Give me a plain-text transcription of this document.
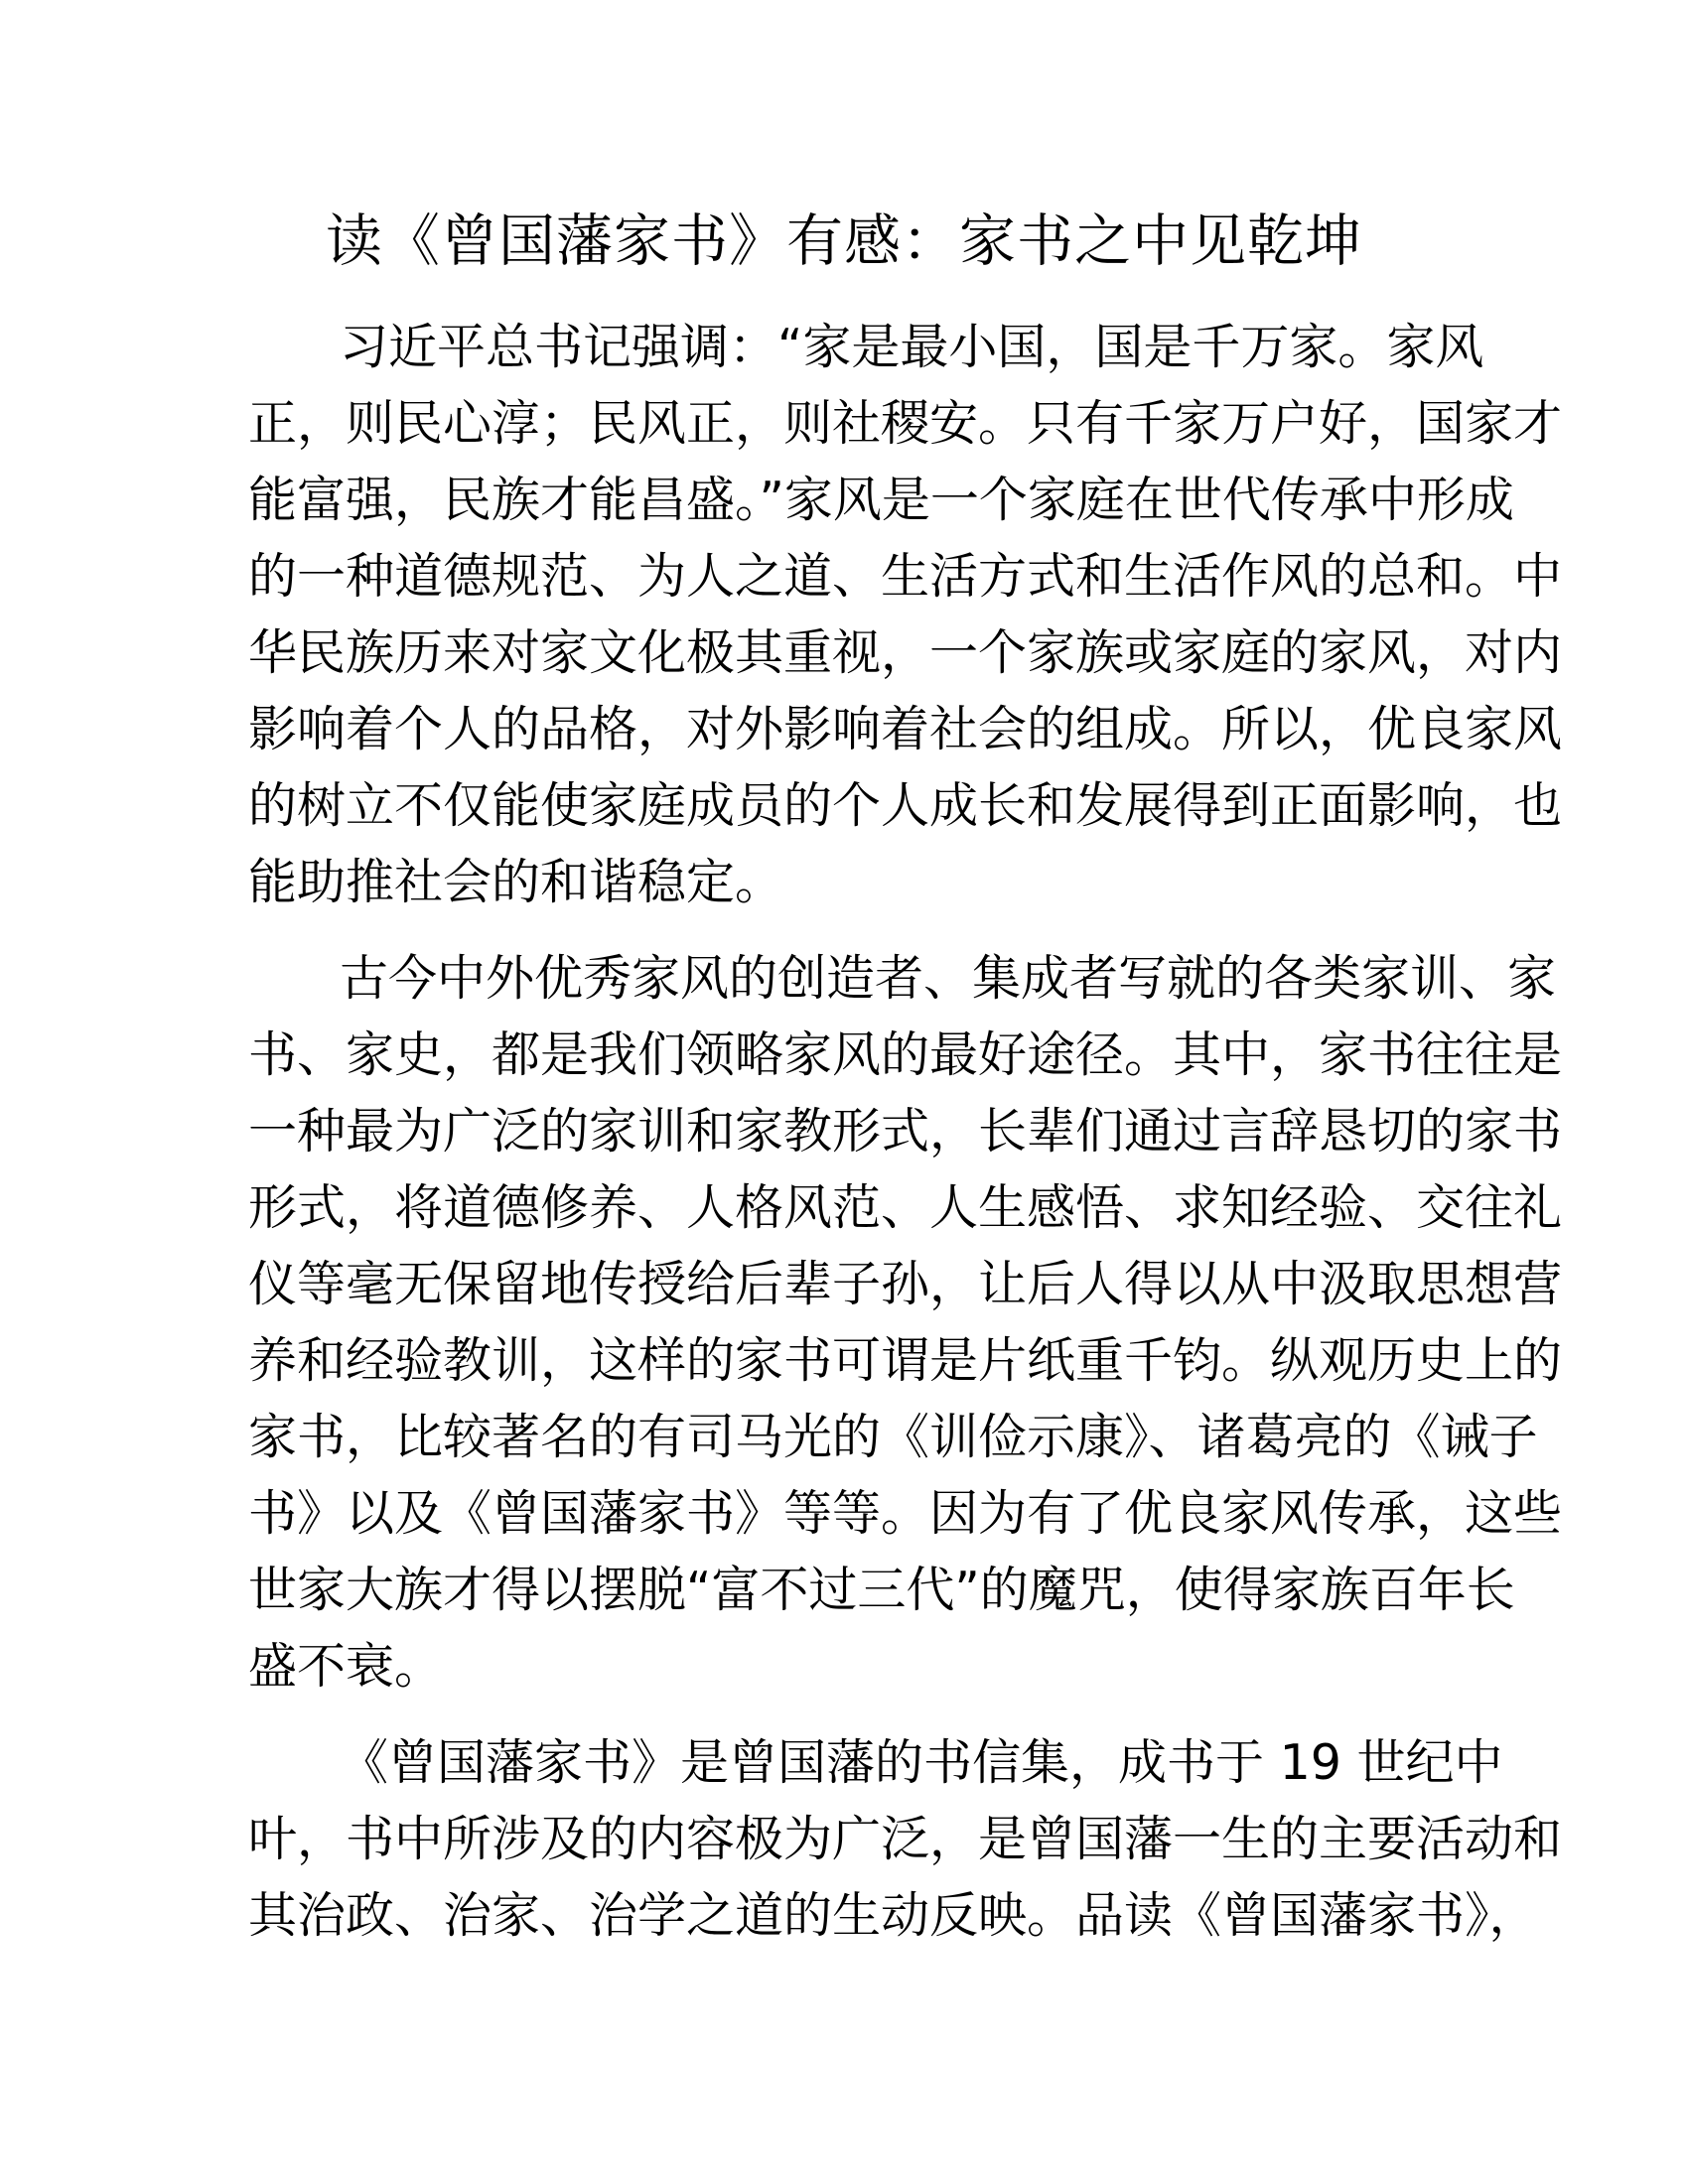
读《曾国藩家书》有感：家书之中见乾坤
习近平总书记强调：“家是最小国，国是千万家。家风
正，则民心淳；民风正，则社稷安。只有千家万户好，国家才
能富强，民族才能昌盛。”家风是一个家庭在世代传承中形成
的一种道德规范、为人之道、生活方式和生活作风的总和。中
华民族历来对家文化极其重视，一个家族或家庭的家风，对内
影响着个人的品格，对外影响着社会的组成。所以，优良家风
的树立不仅能使家庭成员的个人成长和发展得到正面影响，也
能助推社会的和谐稳定。
古今中外优秀家风的创造者、集成者写就的各类家训、家
书、家史，都是我们领略家风的最好途径。其中，家书往往是
一种最为广泛的家训和家教形式，长辈们通过言辞恳切的家书
形式，将道德修养、人格风范、人生感悟、求知经验、交往礼
仪等毫无保留地传授给后辈子孙，让后人得以从中汲取思想营
养和经验教训，这样的家书可谓是片纸重千钧。纵观历史上的
家书，比较著名的有司马光的《训俭示康》、诸葛亮的《诫子
书》以及《曾国藩家书》等等。因为有了优良家风传承，这些
世家大族才得以摆脱“富不过三代”的魔咒，使得家族百年长
盛不衰。
《曾国藩家书》是曾国藩的书信集，成书于 19 世纪中
叶，书中所涉及的内容极为广泛，是曾国藩一生的主要活动和
其治政、治家、治学之道的生动反映。品读《曾国藩家书》，
